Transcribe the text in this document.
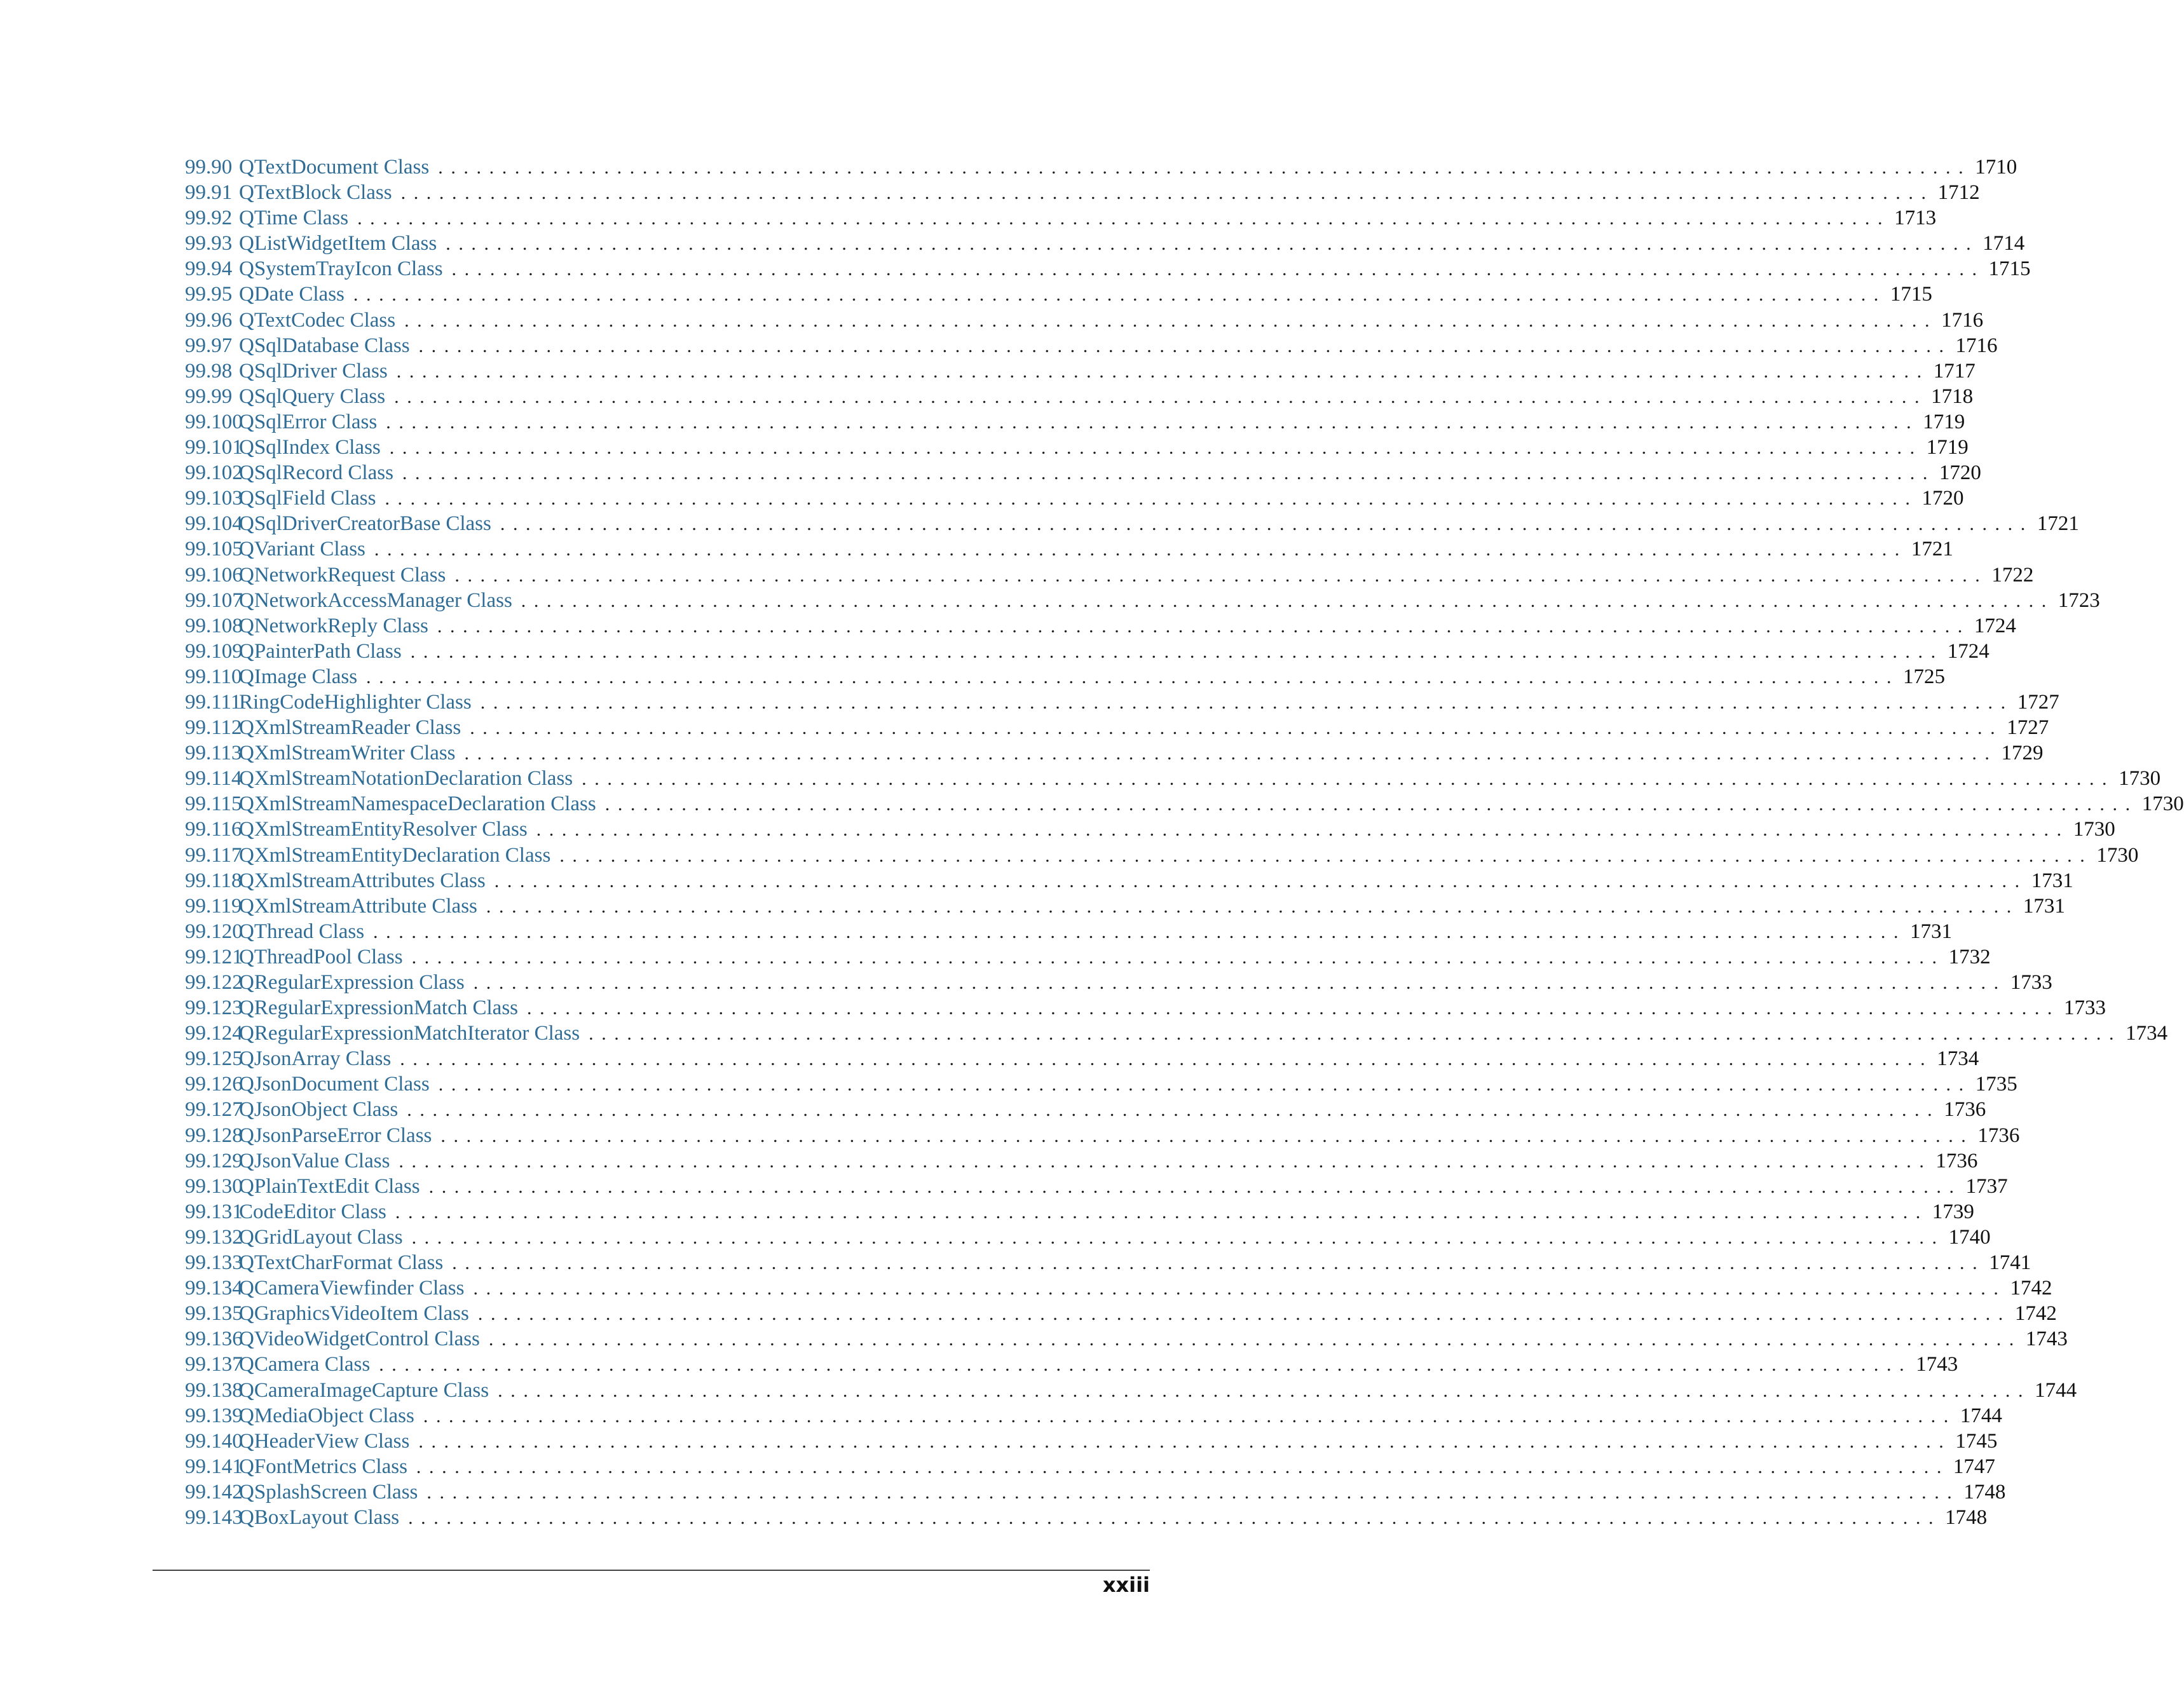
99.90 QTextDocument Class ........................................................................................................................ 1710
99.91 QTextBlock Class ........................................................................................................................ 1712
99.92 QTime Class ........................................................................................................................ 1713
99.93 QListWidgetItem Class ........................................................................................................................ 1714
99.94 QSystemTrayIcon Class ........................................................................................................................ 1715
99.95 QDate Class ........................................................................................................................ 1715
99.96 QTextCodec Class ........................................................................................................................ 1716
99.97 QSqlDatabase Class ........................................................................................................................ 1716
99.98 QSqlDriver Class ........................................................................................................................ 1717
99.99 QSqlQuery Class ........................................................................................................................ 1718
99.100
QSqlError Class ........................................................................................................................ 1719
99.101
QSqlIndex Class ........................................................................................................................ 1719
99.102
QSqlRecord Class ........................................................................................................................ 1720
99.103
QSqlField Class ........................................................................................................................ 1720
99.104
QSqlDriverCreatorBase Class ........................................................................................................................ 1721
99.105
QVariant Class ........................................................................................................................ 1721
99.106
QNetworkRequest Class ........................................................................................................................ 1722
99.107
QNetworkAccessManager Class ........................................................................................................................ 1723
99.108
QNetworkReply Class ........................................................................................................................ 1724
99.109
QPainterPath Class ........................................................................................................................ 1724
99.110
QImage Class ........................................................................................................................ 1725
99.111
RingCodeHighlighter Class ........................................................................................................................ 1727
99.112
QXmlStreamReader Class ........................................................................................................................ 1727
99.113
QXmlStreamWriter Class ........................................................................................................................ 1729
99.114
QXmlStreamNotationDeclaration Class ........................................................................................................................ 1730
99.115
QXmlStreamNamespaceDeclaration Class ........................................................................................................................ 1730
99.116
QXmlStreamEntityResolver Class ........................................................................................................................ 1730
99.117
QXmlStreamEntityDeclaration Class ........................................................................................................................ 1730
99.118
QXmlStreamAttributes Class ........................................................................................................................ 1731
99.119
QXmlStreamAttribute Class ........................................................................................................................ 1731
99.120
QThread Class ........................................................................................................................ 1731
99.121
QThreadPool Class ........................................................................................................................ 1732
99.122
QRegularExpression Class ........................................................................................................................ 1733
99.123
QRegularExpressionMatch Class ........................................................................................................................ 1733
99.124
QRegularExpressionMatchIterator Class ........................................................................................................................ 1734
99.125
QJsonArray Class ........................................................................................................................ 1734
99.126
QJsonDocument Class ........................................................................................................................ 1735
99.127
QJsonObject Class ........................................................................................................................ 1736
99.128
QJsonParseError Class ........................................................................................................................ 1736
99.129
QJsonValue Class ........................................................................................................................ 1736
99.130
QPlainTextEdit Class ........................................................................................................................ 1737
99.131
CodeEditor Class ........................................................................................................................ 1739
99.132
QGridLayout Class ........................................................................................................................ 1740
99.133
QTextCharFormat Class ........................................................................................................................ 1741
99.134
QCameraViewfinder Class ........................................................................................................................ 1742
99.135
QGraphicsVideoItem Class ........................................................................................................................ 1742
99.136
QVideoWidgetControl Class ........................................................................................................................ 1743
99.137
QCamera Class ........................................................................................................................ 1743
99.138
QCameraImageCapture Class ........................................................................................................................ 1744
99.139
QMediaObject Class ........................................................................................................................ 1744
99.140
QHeaderView Class ........................................................................................................................ 1745
99.141
QFontMetrics Class ........................................................................................................................ 1747
99.142
QSplashScreen Class ........................................................................................................................ 1748
99.143
QBoxLayout Class ........................................................................................................................ 1748
xxiii
